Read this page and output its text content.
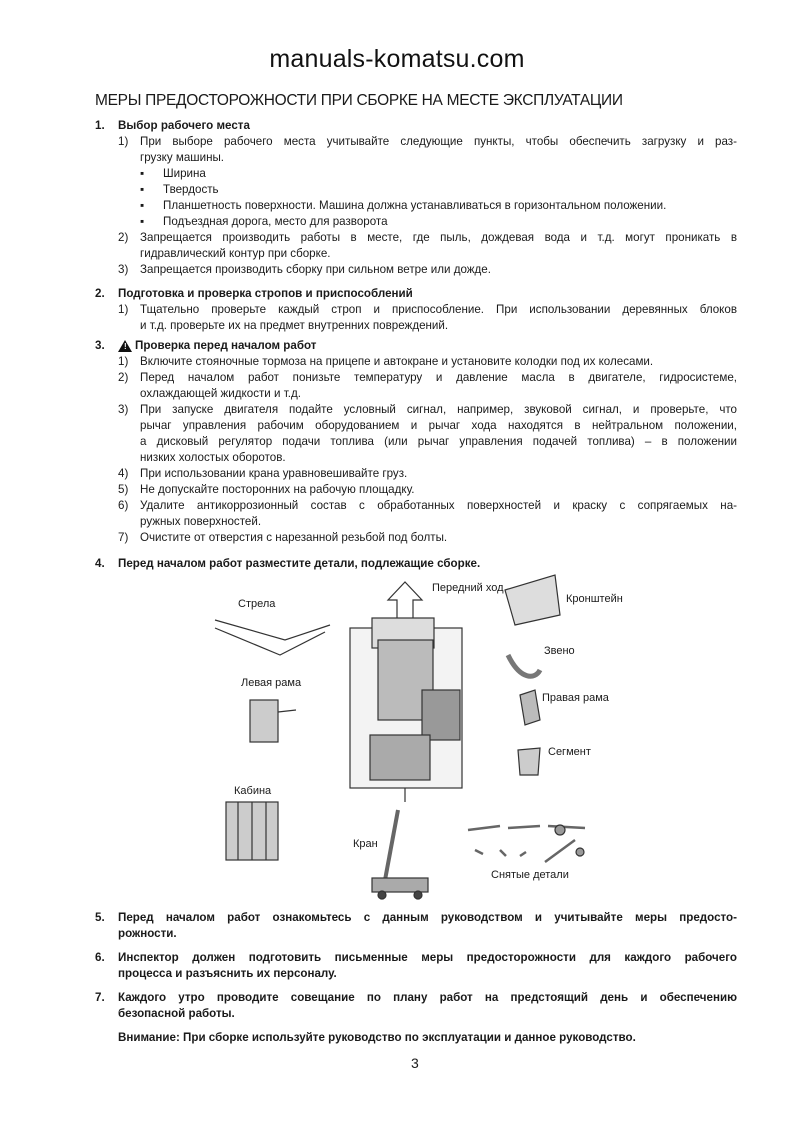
manuals-komatsu.com
МЕРЫ ПРЕДОСТОРОЖНОСТИ ПРИ СБОРКЕ НА МЕСТЕ ЭКСПЛУАТАЦИИ
1.	Выбор рабочего места
1)	При выборе рабочего места учитывайте следующие пункты, чтобы обеспечить загрузку и раз-
грузку машины.
▪	Ширина
▪	Твердость
▪	Планшетность поверхности. Машина должна устанавливаться в горизонтальном положении.
▪	Подъездная дорога, место для разворота
2)	Запрещается производить работы в месте, где пыль, дождевая вода и т.д. могут проникать в
гидравлический контур при сборке.
3)	Запрещается производить сборку при сильном ветре или дожде.
2.	Подготовка и проверка стропов и приспособлений
1)	Тщательно проверьте каждый строп и приспособление. При использовании деревянных блоков
и т.д. проверьте их на предмет внутренних повреждений.
3.	! Проверка перед началом работ
1)	Включите стояночные тормоза на прицепе и автокране и установите колодки под их колесами.
2)	Перед началом работ понизьте температуру и давление масла в двигателе, гидросистеме,
охлаждающей жидкости и т.д.
3)	При запуске двигателя подайте условный сигнал, например, звуковой сигнал, и проверьте, что
рычаг управления рабочим оборудованием и рычаг хода находятся в нейтральном положении,
а дисковый регулятор подачи топлива (или рычаг управления подачей топлива) – в положении
низких холостых оборотов.
4)	При использовании крана уравновешивайте груз.
5)	Не допускайте посторонних на рабочую площадку.
6)	Удалите антикоррозионный состав с обработанных поверхностей и краску с сопрягаемых на-
ружных поверхностей.
7)	Очистите от отверстия с нарезанной резьбой под болты.
4.	Перед началом работ разместите детали, подлежащие сборке.
Передний ход
Стрела	Кронштейн
Звено
Левая рама
Правая рама
Сегмент
Кабина
Кран
Снятые детали
5.	Перед началом работ ознакомьтесь с данным руководством и учитывайте меры предосто-
рожности.
6.	Инспектор должен подготовить письменные меры предосторожности для каждого рабочего
процесса и разъяснить их персоналу.
7.	Каждого утро проводите совещание по плану работ на предстоящий день и обеспечению
безопасной работы.
Внимание: При сборке используйте руководство по эксплуатации и данное руководство.
3
